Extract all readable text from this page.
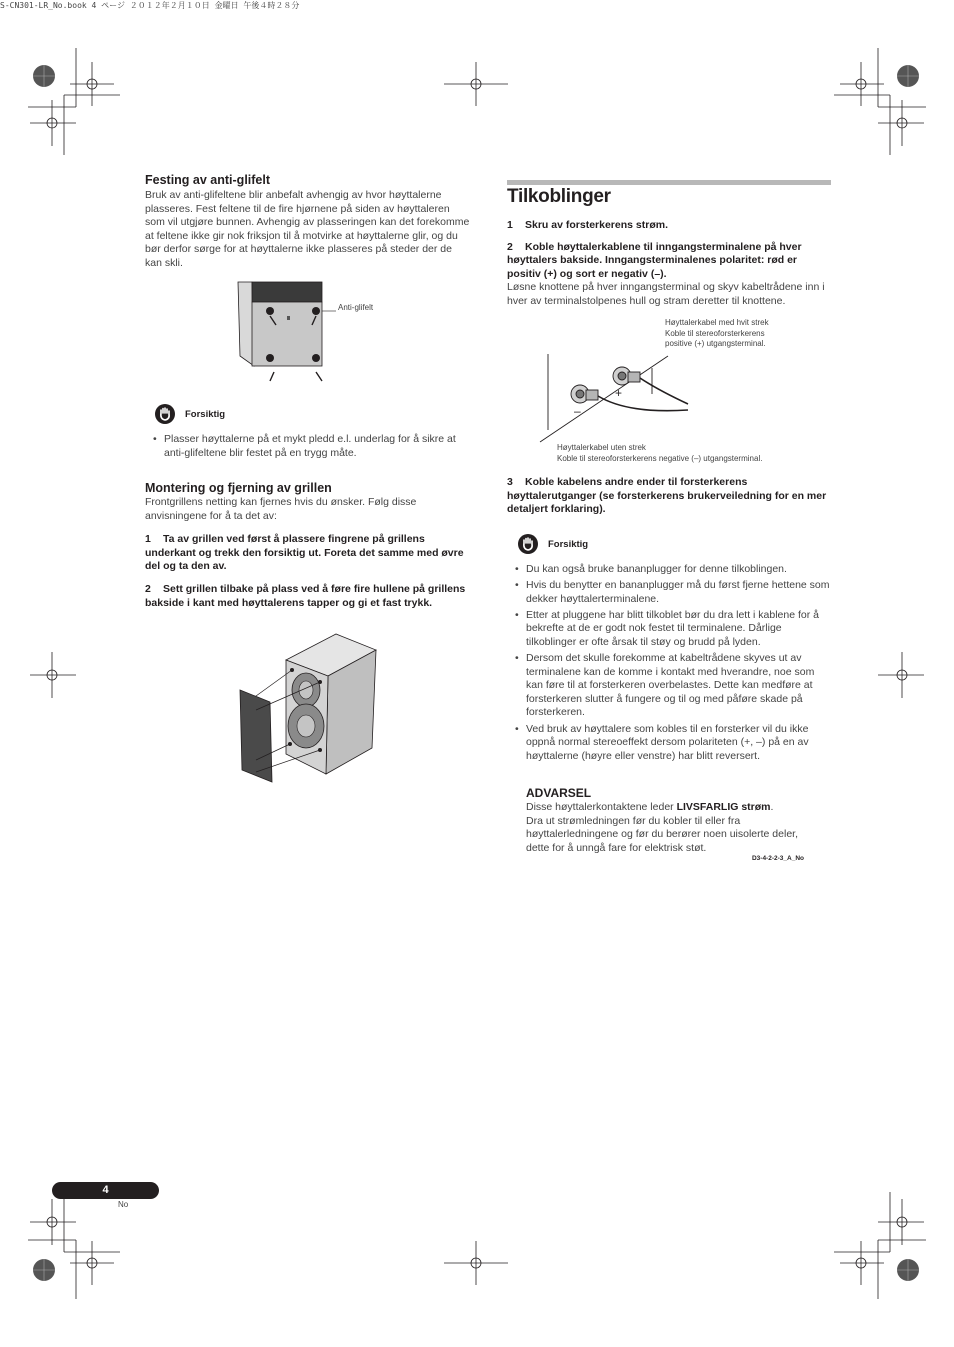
S-CN301-LR_No.book 4 ページ ２０１２年２月１０日 金曜日 午後４時２８分
Festing av anti-glifelt

Bruk av anti-glifeltene blir anbefalt avhengig av hvor høyttalerne plasseres. Fest feltene til de fire hjørnene på siden av høyttaleren som vil utgjøre bunnen. Avhengig av plasseringen kan det forekomme at feltene ikke gir nok friksjon til å motvirke at høyttalerne glir, og du bør derfor sørge for at høyttalerne ikke plasseres på steder der de kan skli.

Anti-glifelt
Forsiktig
• Plasser høyttalerne på et mykt pledd e.l. underlag for å sikre at anti-glifeltene blir festet på en trygg måte.
Montering og fjerning av grillen

Frontgrillens netting kan fjernes hvis du ønsker. Følg disse anvisningene for å ta det av:

1 Ta av grillen ved først å plassere fingrene på grillens underkant og trekk den forsiktig ut. Foreta det samme med øvre del og ta den av.

2 Sett grillen tilbake på plass ved å føre fire hullene på grillens bakside i kant med høyttalerens tapper og gi et fast trykk.

Tilkoblinger

1 Skru av forsterkerens strøm.

2 Koble høyttalerkablene til inngangsterminalene på hver høyttalers bakside. Inngangsterminalenes polaritet: rød er positiv (+) og sort er negativ (–).

Løsne knottene på hver inngangsterminal og skyv kabeltrådene inn i hver av terminalstolpenes hull og stram deretter til knottene.

+
–
Høyttalerkabel med hvit strek
Koble til stereoforsterkerens
positive (+) utgangsterminal.
Høyttalerkabel uten strek
Koble til stereoforsterkerens negative (–) utgangsterminal.

3 Koble kabelens andre ender til forsterkerens høyttalerutganger (se forsterkerens brukerveiledning for en mer detaljert forklaring).

Forsiktig
• Du kan også bruke bananplugger for denne tilkoblingen.
• Hvis du benytter en bananplugger må du først fjerne hettene som dekker høyttalerterminalene.
• Etter at pluggene har blitt tilkoblet bør du dra lett i kablene for å bekrefte at de er godt nok festet til terminalene. Dårlige tilkoblinger er ofte årsak til støy og brudd på lyden.
• Dersom det skulle forekomme at kabeltrådene skyves ut av terminalene kan de komme i kontakt med hverandre, noe som kan føre til at forsterkeren overbelastes. Dette kan medføre at forsterkeren slutter å fungere og til og med påføre skade på forsterkeren.
• Ved bruk av høyttalere som kobles til en forsterker vil du ikke oppnå normal stereoeffekt dersom polariteten (+, –) på en av høyttalerne (høyre eller venstre) har blitt reversert.
ADVARSEL

Disse høyttalerkontaktene leder LIVSFARLIG strøm.
Dra ut strømledningen før du kobler til eller fra høyttalerledningene og før du berører noen uisolerte deler, dette for å unngå fare for elektrisk støt.

D3-4-2-2-3_A_No
4
No
